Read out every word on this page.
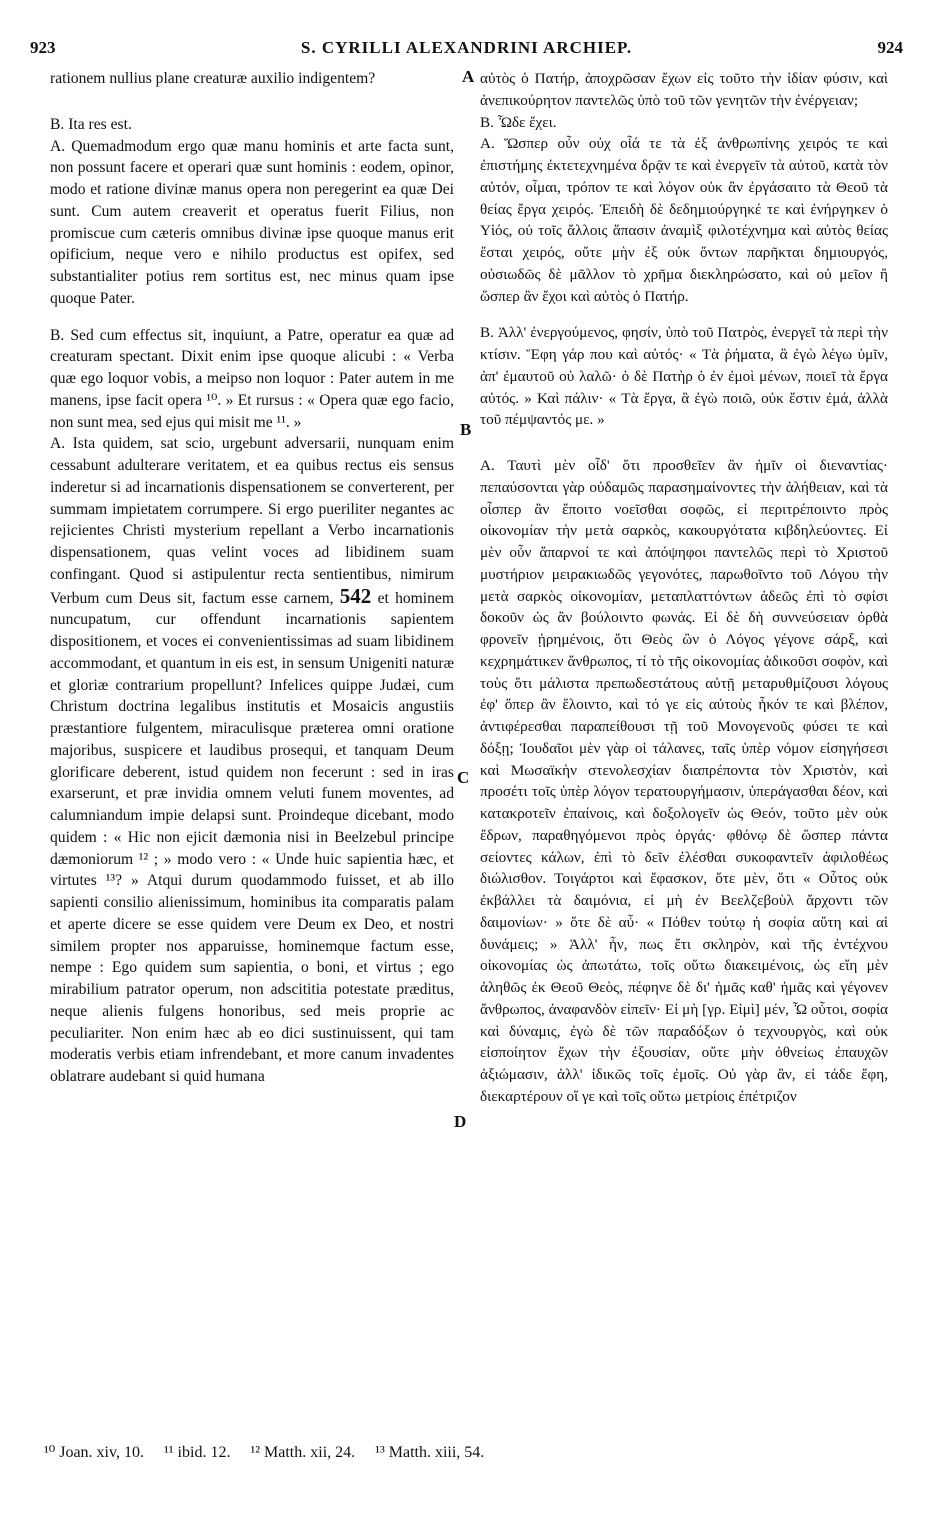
923	S. CYRILLI ALEXANDRINI ARCHIEP.	924

rationem nullius plane creaturæ auxilio indigentem?

B. Ita res est.

A. Quemadmodum ergo quæ manu hominis et arte facta sunt, non possunt facere et operari quæ sunt hominis : eodem, opinor, modo et ratione divinæ manus opera non peregerint ea quæ Dei sunt. Cum autem creaverit et operatus fuerit Filius, non promiscue cum cæteris omnibus divinæ ipse quoque manus erit opificium, neque vero e nihilo productus est opifex, sed substantialiter potius rem sortitus est, nec minus quam ipse quoque Pater.

B. Sed cum effectus sit, inquiunt, a Patre, operatur ea quæ ad creaturam spectant. Dixit enim ipse quoque alicubi : « Verba quæ ego loquor vobis, a meipso non loquor : Pater autem in me manens, ipse facit opera ¹⁰. » Et rursus : « Opera quæ ego facio, non sunt mea, sed ejus qui misit me ¹¹. »

A. Ista quidem, sat scio, urgebunt adversarii, nunquam enim cessabunt adulterare veritatem, et ea quibus rectus eis sensus inderetur si ad incarnationis dispensationem se converterent, per summam impietatem corrumpere. Si ergo pueriliter negantes ac rejicientes Christi mysterium repellant a Verbo incarnationis dispensationem, quas velint voces ad libidinem suam confingant. Quod si astipulentur recta sentientibus, nimirum Verbum cum Deus sit, factum esse carnem, 542 et hominem nuncupatum, cur offendunt incarnationis sapientem dispositionem, et voces ei convenientissimas ad suam libidinem accommodant, et quantum in eis est, in sensum Unigeniti naturæ et gloriæ contrarium propellunt? Infelices quippe Judæi, cum Christum doctrina legalibus institutis et Mosaicis angustiis præstantiore fulgentem, miraculisque præterea omni oratione majoribus, suspicere et laudibus prosequi, et tanquam Deum glorificare deberent, istud quidem non fecerunt : sed in iras exarserunt, et præ invidia omnem veluti funem moventes, ad calumniandum impie delapsi sunt. Proindeque dicebant, modo quidem : « Hic non ejicit dæmonia nisi in Beelzebul principe dæmoniorum ¹² ; » modo vero : « Unde huic sapientia hæc, et virtutes ¹³? » Atqui durum quodammodo fuisset, et ab illo sapienti consilio alienissimum, hominibus ita comparatis palam et aperte dicere se esse quidem vere Deum ex Deo, et nostri similem propter nos apparuisse, hominemque factum esse, nempe : Ego quidem sum sapientia, o boni, et virtus ; ego mirabilium patrator operum, non adscititia potestate præditus, neque alienis fulgens honoribus, sed meis proprie ac peculiariter. Non enim hæc ab eo dici sustinuissent, qui tam moderatis verbis etiam infrendebant, et more canum invadentes oblatrare audebant si quid humana

A
B
C
D

αὐτὸς ὁ Πατήρ, ἀποχρῶσαν ἔχων εἰς τοῦτο τὴν ἰδίαν φύσιν, καὶ ἀνεπικούρητον παντελῶς ὑπὸ τοῦ τῶν γενητῶν τὴν ἐνέργειαν;

Β. Ὧδε ἔχει.

Α. Ὥσπερ οὖν οὐχ οἷά τε τὰ ἐξ ἀνθρωπίνης χειρός τε καὶ ἐπιστήμης ἐκτετεχνημένα δρᾷν τε καὶ ἐνεργεῖν τὰ αὐτοῦ, κατὰ τὸν αὐτόν, οἶμαι, τρόπον τε καὶ λόγον οὐκ ἂν ἐργάσαιτο τὰ Θεοῦ τὰ θείας ἔργα χειρός. Ἐπειδὴ δὲ δεδημιούργηκέ τε καὶ ἐνήργηκεν ὁ Υἱός, οὐ τοῖς ἄλλοις ἅπασιν ἀναμὶξ φιλοτέχνημα καὶ αὐτὸς θείας ἔσται χειρός, οὔτε μὴν ἐξ οὐκ ὄντων παρῆκται δημιουργός, οὐσιωδῶς δὲ μᾶλλον τὸ χρῆμα διεκληρώσατο, καὶ οὐ μεῖον ἢ ὥσπερ ἂν ἔχοι καὶ αὐτὸς ὁ Πατήρ.

Β. Ἀλλ' ἐνεργούμενος, φησίν, ὑπὸ τοῦ Πατρὸς, ἐνεργεῖ τὰ περὶ τὴν κτίσιν. Ἔφη γάρ που καὶ αὐτός· « Τὰ ῥήματα, ἃ ἐγὼ λέγω ὑμῖν, ἀπ' ἐμαυτοῦ οὐ λαλῶ· ὁ δὲ Πατὴρ ὁ ἐν ἐμοὶ μένων, ποιεῖ τὰ ἔργα αὐτός. » Καὶ πάλιν· « Τὰ ἔργα, ἃ ἐγὼ ποιῶ, οὐκ ἔστιν ἐμά, ἀλλὰ τοῦ πέμψαντός με. »

Α. Ταυτὶ μὲν οἶδ' ὅτι προσθεῖεν ἂν ἡμῖν οἱ διεναντίας· πεπαύσονται γὰρ οὐδαμῶς παρασημαίνοντες τὴν ἀλήθειαν, καὶ τὰ οἷσπερ ἂν ἕποιτο νοεῖσθαι σοφῶς, εἰ περιτρέποιντο πρὸς οἰκονομίαν τὴν μετὰ σαρκὸς, κακουργότατα κιβδηλεύοντες. Εἰ μὲν οὖν ἄπαρνοί τε καὶ ἀπόψηφοι παντελῶς περὶ τὸ Χριστοῦ μυστήριον μειρακιωδῶς γεγονότες, παρωθοῖντο τοῦ Λόγου τὴν μετὰ σαρκὸς οἰκονομίαν, μεταπλαττόντων ἀδεῶς ἐπὶ τὸ σφίσι δοκοῦν ὡς ἂν βούλοιντο φωνάς. Εἰ δὲ δὴ συννεύσειαν ὀρθὰ φρονεῖν ᾑρημένοις, ὅτι Θεὸς ὢν ὁ Λόγος γέγονε σάρξ, καὶ κεχρημάτικεν ἄνθρωπος, τί τὸ τῆς οἰκονομίας ἀδικοῦσι σοφὸν, καὶ τοὺς ὅτι μάλιστα πρεπωδεστάτους αὐτῇ μεταρυθμίζουσι λόγους ἐφ' ὅπερ ἂν ἕλοιντο, καὶ τό γε εἰς αὐτοὺς ἧκόν τε καὶ βλέπον, ἀντιφέρεσθαι παραπείθουσι τῇ τοῦ Μονογενοῦς φύσει τε καὶ δόξῃ; Ἰουδαῖοι μὲν γὰρ οἱ τάλανες, ταῖς ὑπὲρ νόμον εἰσηγήσεσι καὶ Μωσαϊκὴν στενολεσχίαν διαπρέποντα τὸν Χριστὸν, καὶ προσέτι τοῖς ὑπὲρ λόγον τερατουργήμασιν, ὑπεράγασθαι δέον, καὶ κατακροτεῖν ἐπαίνοις, καὶ δοξολογεῖν ὡς Θεόν, τοῦτο μὲν οὐκ ἔδρων, παραθηγόμενοι πρὸς ὀργάς· φθόνῳ δὲ ὥσπερ πάντα σείοντες κάλων, ἐπὶ τὸ δεῖν ἐλέσθαι συκοφαντεῖν ἀφιλοθέως διώλισθον. Τοιγάρτοι καὶ ἔφασκον, ὅτε μὲν, ὅτι « Οὗτος οὐκ ἐκβάλλει τὰ δαιμόνια, εἰ μὴ ἐν Βεελζεβοὺλ ἄρχοντι τῶν δαιμονίων· » ὅτε δὲ αὖ· « Πόθεν τούτῳ ἡ σοφία αὕτη καὶ αἱ δυνάμεις; » Ἀλλ' ἦν, πως ἔτι σκληρὸν, καὶ τῆς ἐντέχνου οἰκονομίας ὡς ἀπωτάτω, τοῖς οὕτω διακειμένοις, ὡς εἴη μὲν ἀληθῶς ἐκ Θεοῦ Θεὸς, πέφηνε δὲ δι' ἡμᾶς καθ' ἡμᾶς καὶ γέγονεν ἄνθρωπος, ἀναφανδὸν εἰπεῖν· Εἰ μὴ [γρ. Εἰμὶ] μέν, Ὦ οὗτοι, σοφία καὶ δύναμις, ἐγὼ δὲ τῶν παραδόξων ὁ τεχνουργὸς, καὶ οὐκ εἰσποίητον ἔχων τὴν ἐξουσίαν, οὔτε μὴν ὀθνείως ἐπαυχῶν ἀξιώμασιν, ἀλλ' ἰδικῶς τοῖς ἐμοῖς. Οὐ γὰρ ἂν, εἰ τάδε ἔφη, διεκαρτέρουν οἵ γε καὶ τοῖς οὕτω μετρίοις ἐπέτριζον

¹⁰ Joan. xiv, 10. ¹¹ ibid. 12. ¹² Matth. xii, 24. ¹³ Matth. xiii, 54.
